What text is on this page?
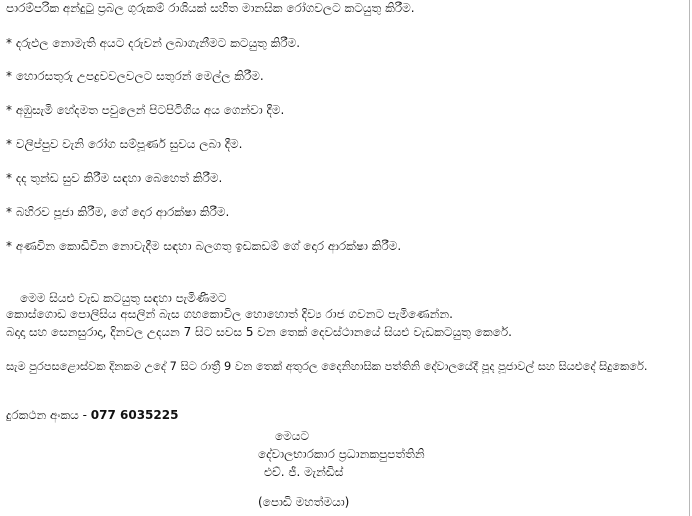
පාරම්පරික අන්දුටු ප්‍රබල ගුරුකම් රාශියක් සහිත මානසික රෝගවලට කටයුතු කිරීම.
* දරුඵල නොමැති අයට දරුවන් ලබාගැනීමට කටයුතු කිරීම.
* හොරසතුරු උපද්‍රවවලවලට සතුරන් මෙල්ල කිරීම.
* අඹුසැමි හේදමත පවුලෙන් පිටපිටිගිය අය ගෙන්වා දීම.
* වලිප්පුව වැනි රෝග සම්පූර්ණ සුවය ලබා දීම.
* දද තුන්ඩ සුව කිරීම සඳහා බෙහෙත් කිරීම.
* බහිරව පූජා කිරීම, ගේ දොර ආරක්ෂා කිරීම.
* අණවින කොඩිවින නොවැදීම සඳහා බලගතු ඉඩකඩම් ගේ දොර ආරක්ෂා කිරීම.
මෙම සියළු වැඩ කටයුතු සඳහා පැමිණීමට
කොස්ගොඩ පොලිසිය අසලින් බැස ගහකොවිල හොහොත් දිව්‍ය රාජ ගවනට පැමිණෙන්න.
බදාදා සහ සෙනසුරාදා, දිනවල උදයන 7 සිට සවස 5 වන තෙක් දෙවස්ථානයේ සියළු වැඩකටයුතු කෙරේ.
සැම පුරපසළොස්වක දිනකම උදේ 7 සිට රාත්‍රී 9 වන තෙක් අතුරල දෛනිහාසික පත්තිනි දේවාලයේදී පූද පූජාවල් සහ සියළුදේ සිදුකෙරේ.
දුරකථන අංකය - 077 6035225
මෙයට
දේවාලභාරකාර ප්‍රධානකපුපත්තිනි
එච්. ජී. මැන්ඩිස්
(පොඩි මහත්මයා)
